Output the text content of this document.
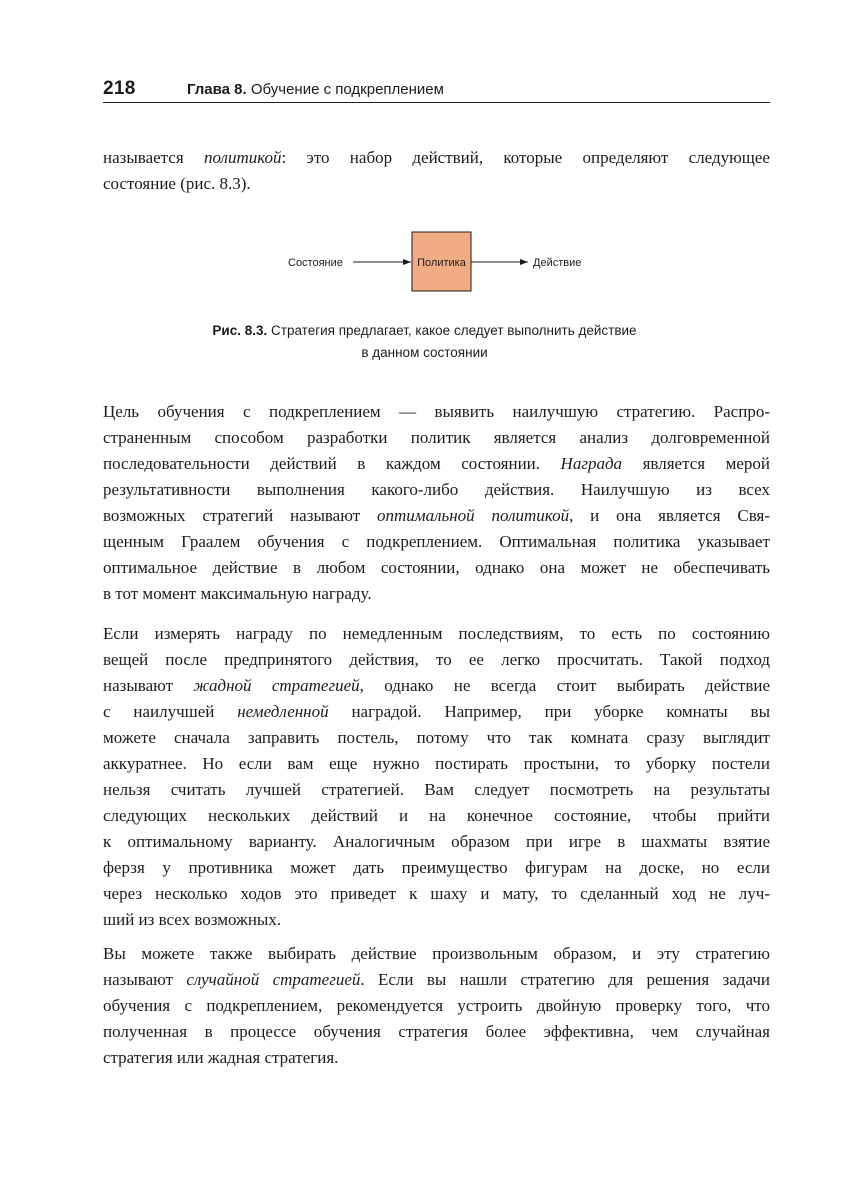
218	Глава 8. Обучение с подкреплением

называется политикой: это набор действий, которые определяют следующее
состояние (рис. 8.3).

Состояние	Политика	Действие
Рис. 8.3. Стратегия предлагает, какое следует выполнить действие
в данном состоянии

Цель обучения с подкреплением — выявить наилучшую стратегию. Распро-
страненным способом разработки политик является анализ долговременной
последовательности действий в каждом состоянии. Награда является мерой
результативности выполнения какого-либо действия. Наилучшую из всех
возможных стратегий называют оптимальной политикой, и она является Свя-
щенным Граалем обучения с подкреплением. Оптимальная политика указывает
оптимальное действие в любом состоянии, однако она может не обеспечивать
в тот момент максимальную награду.

Если измерять награду по немедленным последствиям, то есть по состоянию
вещей после предпринятого действия, то ее легко просчитать. Такой подход
называют жадной стратегией, однако не всегда стоит выбирать действие
с наилучшей немедленной наградой. Например, при уборке комнаты вы
можете сначала заправить постель, потому что так комната сразу выглядит
аккуратнее. Но если вам еще нужно постирать простыни, то уборку постели
нельзя считать лучшей стратегией. Вам следует посмотреть на результаты
следующих нескольких действий и на конечное состояние, чтобы прийти
к оптимальному варианту. Аналогичным образом при игре в шахматы взятие
ферзя у противника может дать преимущество фигурам на доске, но если
через несколько ходов это приведет к шаху и мату, то сделанный ход не луч-
ший из всех возможных.

Вы можете также выбирать действие произвольным образом, и эту стратегию
называют случайной стратегией. Если вы нашли стратегию для решения задачи
обучения с подкреплением, рекомендуется устроить двойную проверку того, что
полученная в процессе обучения стратегия более эффективна, чем случайная
стратегия или жадная стратегия.
